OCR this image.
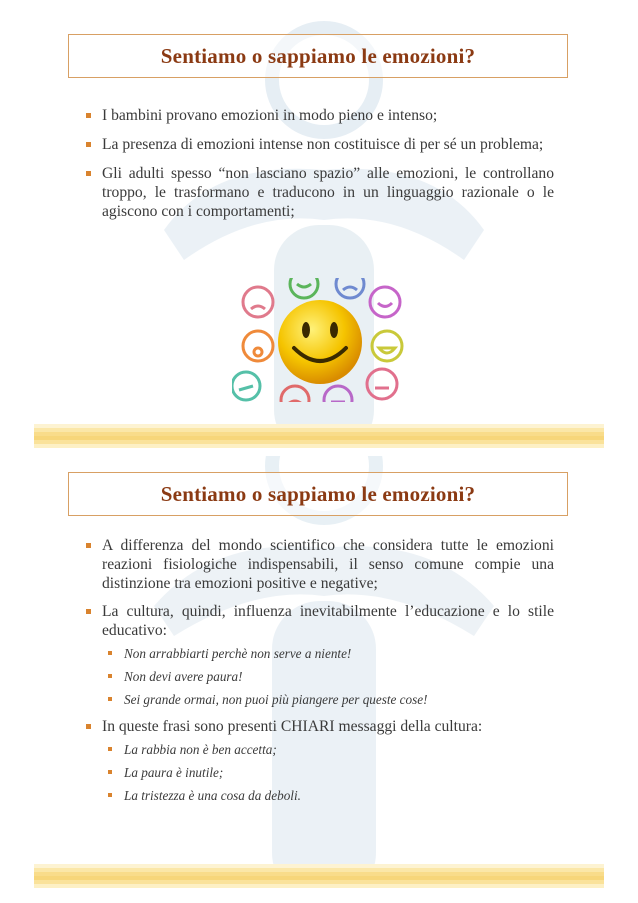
Sentiamo o sappiamo le emozioni?
I bambini provano emozioni in modo pieno e intenso;
La presenza di emozioni intense non costituisce di per sé un problema;
Gli adulti spesso “non lasciano spazio” alle emozioni, le controllano troppo, le trasformano e traducono in un linguaggio razionale o le agiscono con i comportamenti;
Sentiamo o sappiamo le emozioni?
A differenza del mondo scientifico che considera tutte le emozioni reazioni fisiologiche indispensabili, il senso comune compie una distinzione tra emozioni positive e negative;
La cultura, quindi, influenza inevitabilmente l’educazione e lo stile educativo:
Non arrabbiarti perchè non serve a niente!
Non devi avere paura!
Sei grande ormai, non puoi più piangere per queste cose!
In queste frasi sono presenti CHIARI messaggi della cultura:
La rabbia non è ben accetta;
La paura è inutile;
La tristezza è una cosa da deboli.
